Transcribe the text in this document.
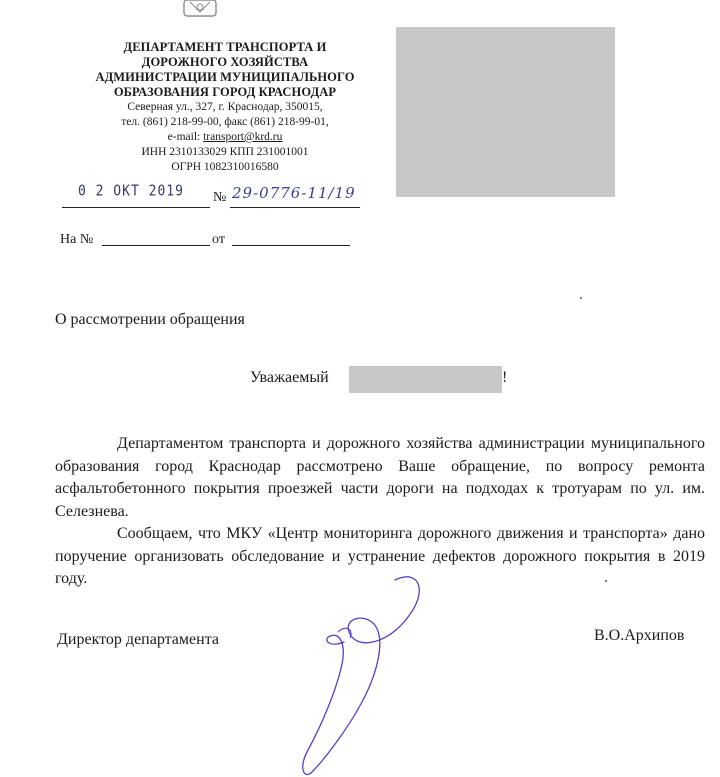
ДЕПАРТАМЕНТ ТРАНСПОРТА И
ДОРОЖНОГО ХОЗЯЙСТВА
АДМИНИСТРАЦИИ МУНИЦИПАЛЬНОГО
ОБРАЗОВАНИЯ ГОРОД КРАСНОДАР
Северная ул., 327, г. Краснодар, 350015,
тел. (861) 218-99-00, факс (861) 218-99-01,
e-mail: transport@krd.ru
ИНН 2310133029 КПП 231001001
ОГРН 1082310016580
0 2 ОКТ 2019 № 29-0776-11/19
На №	от
О рассмотрении обращения
Уважаемый	!

Департаментом транспорта и дорожного хозяйства администрации муниципального образования город Краснодар рассмотрено Ваше обращение, по вопросу ремонта асфальтобетонного покрытия проезжей части дороги на подходах к тротуарам по ул. им. Селезнева.

Сообщаем, что МКУ «Центр мониторинга дорожного движения и транспорта» дано поручение организовать обследование и устранение дефектов дорожного покрытия в 2019 году.

Директор департамента	В.О.Архипов
